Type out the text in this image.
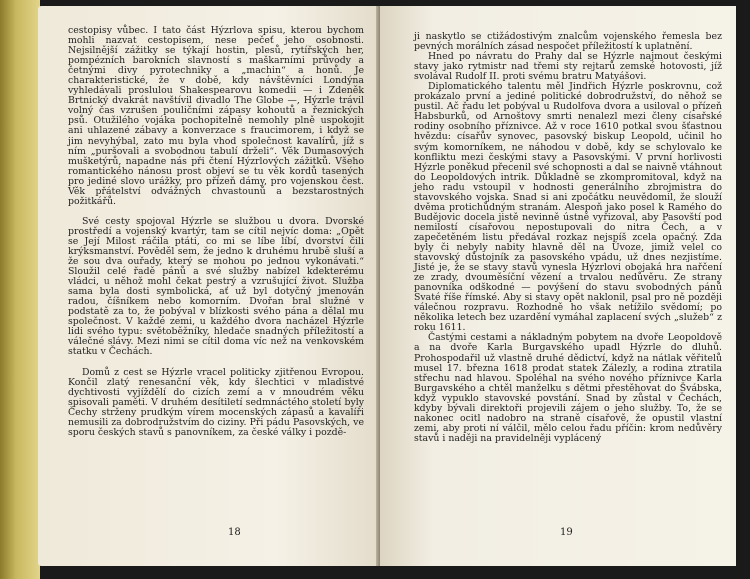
cestopisy vůbec. I tato část Hýzrlova spisu, kterou bychom mohli nazvat cestopisem, nese pečeť jeho osobnosti. Nejsilnější zážitky se týkají hostin, plesů, rytířských her, pompézních barokních slavností s maškarními průvody a četnými divy pyrotechniky a „machin“ a honů. Je charakteristické, že v době, kdy návštěvníci Londýna vyhledávali proslulou Shakespearovu komedii — i Zdeněk Brtnický dvakrát navštívil divadlo The Globe —, Hýzrle trávil volný čas vzrušen pouličními zápasy kohoutů a řeznických psů. Otužilého vojáka pochopitelně nemohly plně uspokojit ani uhlazené zábavy a konverzace s fraucimorem, i když se jim nevyhýbal, zato mu byla vhod společnost kavalírů, jíž s ním „puršovali a svobodnou tabulí drželi“. Věk Dumasových mušketýrů, napadne nás při čtení Hýzrlových zážitků. Všeho romantického nánosu prost objeví se tu věk kordů tasených pro jediné slovo urážky, pro přízeň dámy, pro vojenskou čest. Věk přátelství odvážných chvastounů a bezstarostných požitkářů.

Své cesty spojoval Hýzrle se službou u dvora. Dvorské prostředí a vojenský kvartýr, tam se cítil nejvíc doma: „Opět se Její Milost ráčila ptáti, co mi se líbe líbí, dvorství čili krýksmanství. Pověděl sem, že jedno k druhému hrubě sluší a že sou dva ouřady, který se mohou po jednou vykonávati.“ Sloužil celé řadě pánů a své služby nabízel kdekterému vládci, u něhož mohl čekat pestrý a vzrušující život. Služba sama byla dosti symbolická, ať už byl dotyčný jmenován radou, číšníkem nebo komorním. Dvořan bral služné v podstatě za to, že pobýval v blízkosti svého pána a dělal mu společnost. V každé zemi, u každého dvora nacházel Hýzrle lidi svého typu: světoběžníky, hledače snadných příležitostí a válečné slávy. Mezi nimi se cítil doma víc než na venkovském statku v Čechách.

Domů z cest se Hýzrle vracel politicky zjitřenou Evropou. Končil zlatý renesanční věk, kdy šlechtici v mladistvé dychtivosti vyjíždělí do cizích zemí a v mnoudrém věku spisovali paměti. V druhém desítiletí sedmnáctého století byly Čechy strženy prudkým vírem mocenských zápasů a kavalíři nemusili za dobrodružstvím do ciziny. Při pádu Pasovských, ve sporu českých stavů s panovníkem, za české války i pozdě-

18

ji naskytlo se ctižádostivým znalcům vojenského řemesla bez pevných morálních zásad nespočet příležitostí k uplatnění.

Hned po návratu do Prahy dal se Hýzrle najmout českými stavy jako rytmistr nad třemi sty rejtarů zemské hotovosti, jíž svolával Rudolf II. proti svému bratru Matyášovi.

Diplomatického talentu měl Jindřich Hýzrle poskrovnu, což prokázalo první a jediné politické dobrodružství, do něhož se pustil. Ač řadu let pobýval u Rudolfova dvora a usiloval o přízeň Habsburků, od Arnoštovy smrti nenalezl mezi členy císařské rodiny osobního příznivce. Až v roce 1610 potkal svou šťastnou hvězdu: císařův synovec, pasovský biskup Leopold, učinil ho svým komorníkem, ne náhodou v době, kdy se schylovalo ke konfliktu mezi českými stavy a Pasovskými. V první horlivosti Hýzrle poněkud přecenil své schopnosti a dal se naivně vtáhnout do Leopoldových intrik. Důkladně se zkompromitoval, když na jeho radu vstoupil v hodnosti generálního zbrojmistra do stavovského vojska. Snad si ani zpočátku neuvědomil, že slouží dvěma protichůdným stranám. Alespoň jako posel k Ramého do Budějovic docela jistě nevinně ústně vyřizoval, aby Pasovští pod nemilostí císařovou nepostupovali do nitra Čech, a v zapečetěném listu předával rozkaz nejspíš zcela opačný. Zda byly či nebyly nabity hlavně děl na Úvoze, jimiž velel co stavovský důstojník za pasovského vpádu, už dnes nezjistíme. Jisté je, že se stavy stavů vynesla Hýzrlovi obojaká hra nařčení ze zrady, dvouměsíční vězení a trvalou nedůvěru. Ze strany panovníka odškodné — povýšení do stavu svobodných pánů Svaté říše římské. Aby si stavy opět naklonil, psal pro ně později válečnou rozpravu. Rozhodně ho však netížilo svědomí; po několika letech bez uzardění vymáhal zaplacení svých „služeb“ z roku 1611.

Častými cestami a nákladným pobytem na dvoře Leopoldově a na dvoře Karla Burgavského upadl Hýzrle do dluhů. Prohospodařil už vlastně druhé dědictví, když na nátlak věřitelů musel 17. března 1618 prodat statek Zálezly, a rodina ztratila střechu nad hlavou. Spoléhal na svého nového příznivce Karla Burgavského a chtěl manželku s dětmi přestěhovat do Švábska, když vypuklo stavovské povstání. Snad by zůstal v Čechách, kdyby bývali direktoři projevili zájem o jeho služby. To, že se nakonec ocitl nadobro na straně císařově, že opustil vlastní zemi, aby proti ní válčil, mělo celou řadu příčin: krom nedůvěry stavů i naději na pravidelněji vyplácený

19
